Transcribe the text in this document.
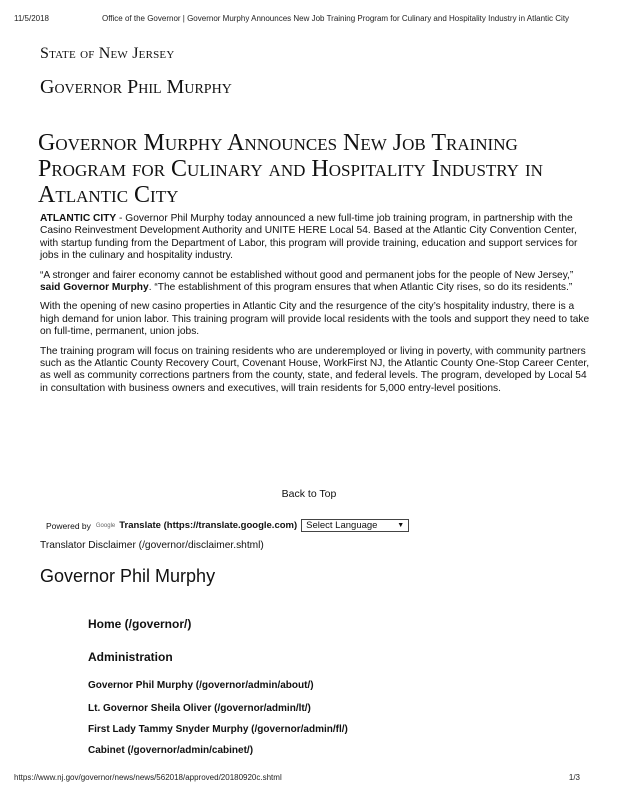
11/5/2018	Office of the Governor | Governor Murphy Announces New Job Training Program for Culinary and Hospitality Industry in Atlantic City
State of New Jersey
Governor Phil Murphy
Governor Murphy Announces New Job Training Program for Culinary and Hospitality Industry in Atlantic City

ATLANTIC CITY - Governor Phil Murphy today announced a new full-time job training program, in partnership with the Casino Reinvestment Development Authority and UNITE HERE Local 54. Based at the Atlantic City Convention Center, with startup funding from the Department of Labor, this program will provide training, education and support services for jobs in the culinary and hospitality industry.

“A stronger and fairer economy cannot be established without good and permanent jobs for the people of New Jersey,” said Governor Murphy. “The establishment of this program ensures that when Atlantic City rises, so do its residents.”

With the opening of new casino properties in Atlantic City and the resurgence of the city’s hospitality industry, there is a high demand for union labor. This training program will provide local residents with the tools and support they need to take on full-time, permanent, union jobs.

The training program will focus on training residents who are underemployed or living in poverty, with community partners such as the Atlantic County Recovery Court, Covenant House, WorkFirst NJ, the Atlantic County One-Stop Career Center, as well as community corrections partners from the county, state, and federal levels. The program, developed by Local 54 in consultation with business owners and executives, will train residents for 5,000 entry-level positions.

Back to Top
Powered by Google Translate (https://translate.google.com) Select Language	▼
Translator Disclaimer (/governor/disclaimer.shtml)
Governor Phil Murphy
Home (/governor/)
Administration
Governor Phil Murphy (/governor/admin/about/)
Lt. Governor Sheila Oliver (/governor/admin/lt/)
First Lady Tammy Snyder Murphy (/governor/admin/fl/)
Cabinet (/governor/admin/cabinet/)
https://www.nj.gov/governor/news/news/562018/approved/20180920c.shtml	1/3
